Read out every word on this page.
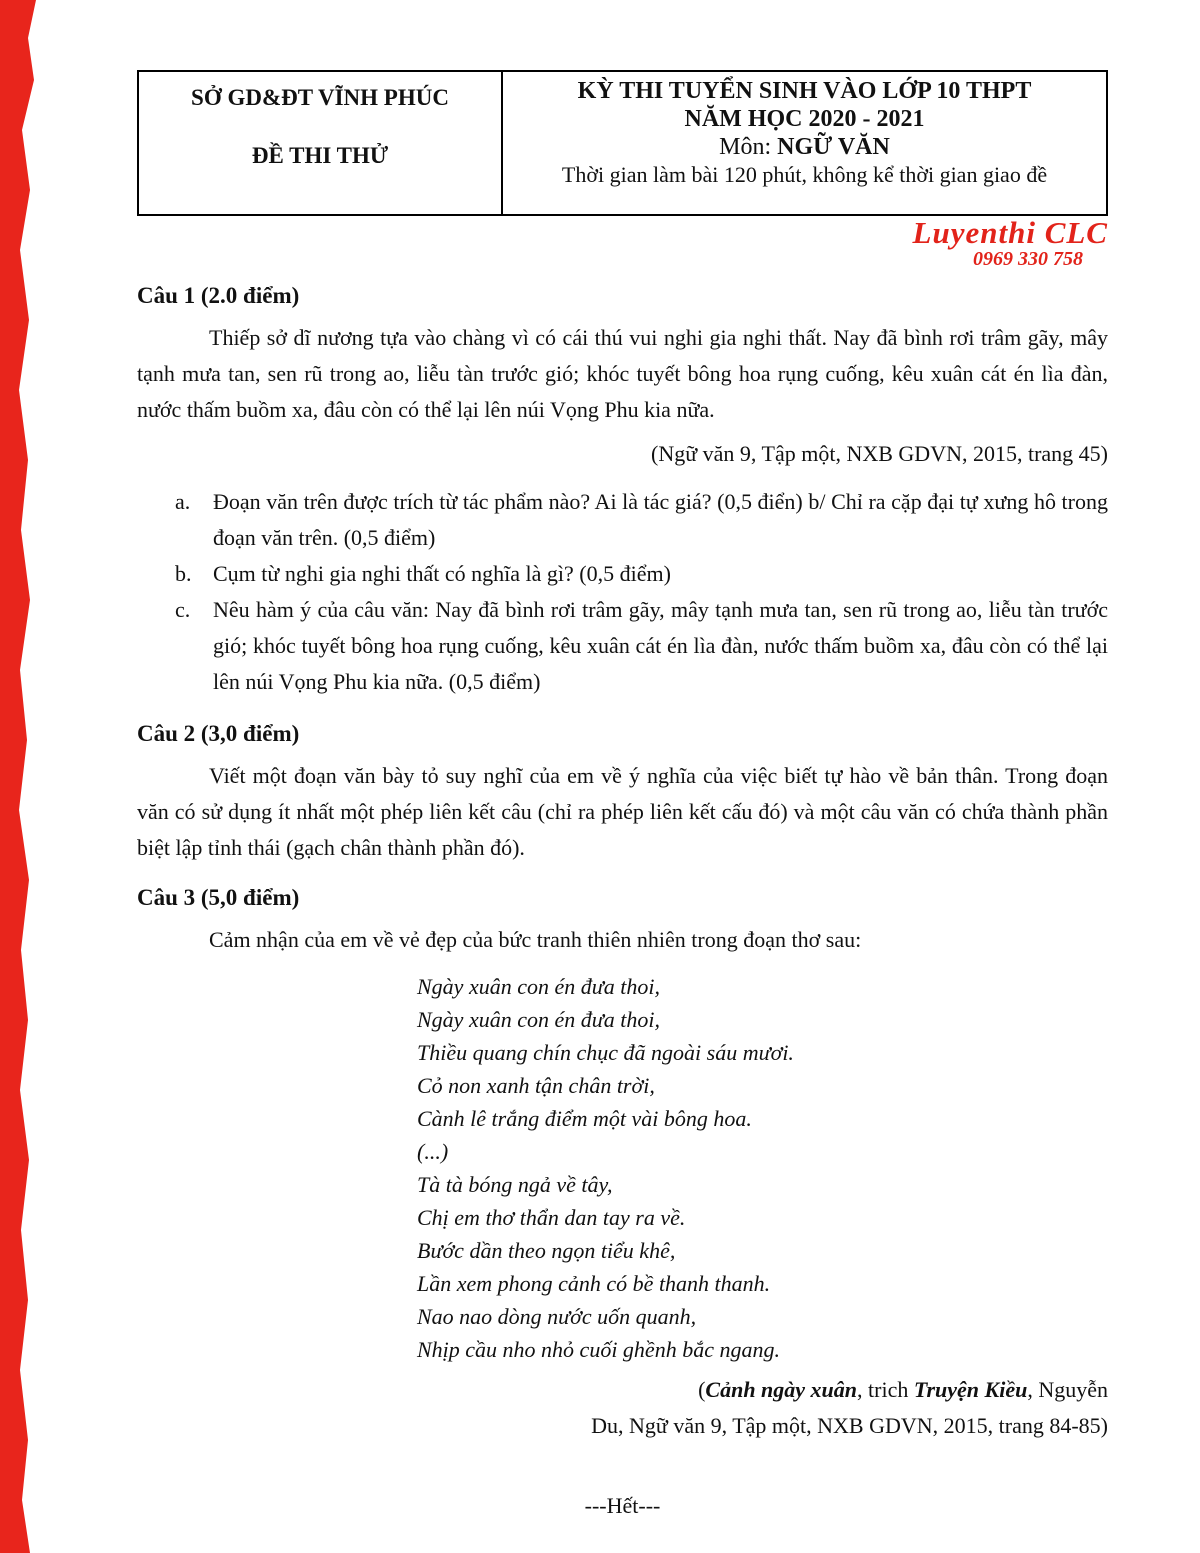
SỞ GD&ĐT VĨNH PHÚC
ĐỀ THI THỬ
KỲ THI TUYỂN SINH VÀO LỚP 10 THPT
NĂM HỌC 2020 - 2021
Môn: NGỮ VĂN
Thời gian làm bài 120 phút, không kể thời gian giao đề
Luyenthi CLC
0969 330 758
Câu 1 (2.0 điểm)
Thiếp sở dĩ nương tựa vào chàng vì có cái thú vui nghi gia nghi thất. Nay đã bình rơi trâm gãy, mây tạnh mưa tan, sen rũ trong ao, liễu tàn trước gió; khóc tuyết bông hoa rụng cuống, kêu xuân cát én lìa đàn, nước thấm buồm xa, đâu còn có thể lại lên núi Vọng Phu kia nữa.
(Ngữ văn 9, Tập một, NXB GDVN, 2015, trang 45)
a.	Đoạn văn trên được trích từ tác phẩm nào? Ai là tác giá? (0,5 điển) b/ Chỉ ra cặp đại tự xưng hô trong đoạn văn trên. (0,5 điểm)
b. Cụm từ nghi gia nghi thất có nghĩa là gì? (0,5 điểm)
c.	Nêu hàm ý của câu văn: Nay đã bình rơi trâm gãy, mây tạnh mưa tan, sen rũ trong ao, liễu tàn trước gió; khóc tuyết bông hoa rụng cuống, kêu xuân cát én lìa đàn, nước thấm buồm xa, đâu còn có thể lại lên núi Vọng Phu kia nữa. (0,5 điểm)
Câu 2 (3,0 điểm)
Viết một đoạn văn bày tỏ suy nghĩ của em về ý nghĩa của việc biết tự hào về bản thân. Trong đoạn văn có sử dụng ít nhất một phép liên kết câu (chỉ ra phép liên kết cấu đó) và một câu văn có chứa thành phần biệt lập tỉnh thái (gạch chân thành phần đó).
Câu 3 (5,0 điểm)
Cảm nhận của em về vẻ đẹp của bức tranh thiên nhiên trong đoạn thơ sau:
Ngày xuân con én đưa thoi,
Ngày xuân con én đưa thoi,
Thiều quang chín chục đã ngoài sáu mươi.
Cỏ non xanh tận chân trời,
Cành lê trắng điểm một vài bông hoa.
(...)
Tà tà bóng ngả về tây,
Chị em thơ thẩn dan tay ra về.
Bước dần theo ngọn tiểu khê,
Lần xem phong cảnh có bề thanh thanh.
Nao nao dòng nước uốn quanh,
Nhịp cầu nho nhỏ cuối ghềnh bắc ngang.
(Cảnh ngày xuân, trich Truyện Kiều, Nguyễn
Du, Ngữ văn 9, Tập một, NXB GDVN, 2015, trang 84-85)
---Hết---
